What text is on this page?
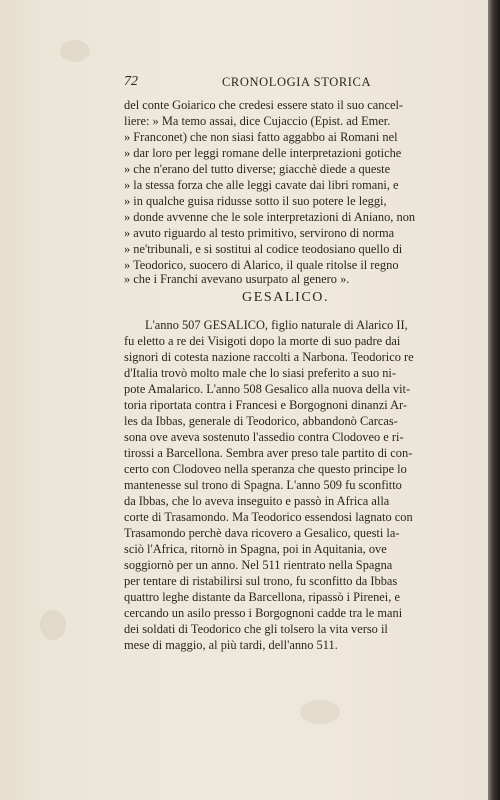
72	CRONOLOGIA STORICA
del conte Goiarico che credesi essere stato il suo cancel-
liere: » Ma temo assai, dice Cujaccio (Epist. ad Emer.
» Franconet) che non siasi fatto aggabbo ai Romani nel
» dar loro per leggi romane delle interpretazioni gotiche
» che n'erano del tutto diverse; giacchè diede a queste
» la stessa forza che alle leggi cavate dai libri romani, e
» in qualche guisa ridusse sotto il suo potere le leggi,
» donde avvenne che le sole interpretazioni di Aniano, non
» avuto riguardo al testo primitivo, servirono di norma
» ne'tribunali, e si sostitui al codice teodosiano quello di
» Teodorico, suocero di Alarico, il quale ritolse il regno
» che i Franchi avevano usurpato al genero ».
GESALICO.
L'anno 507 GESALICO, figlio naturale di Alarico II,
fu eletto a re dei Visigoti dopo la morte di suo padre dai
signori di cotesta nazione raccolti a Narbona. Teodorico re
d'Italia trovò molto male che lo siasi preferito a suo ni-
pote Amalarico. L'anno 508 Gesalico alla nuova della vit-
toria riportata contra i Francesi e Borgognoni dinanzi Ar-
les da Ibbas, generale di Teodorico, abbandonò Carcas-
sona ove aveva sostenuto l'assedio contra Clodoveo e ri-
tirossi a Barcellona. Sembra aver preso tale partito di con-
certo con Clodoveo nella speranza che questo principe lo
mantenesse sul trono di Spagna. L'anno 509 fu sconfitto
da Ibbas, che lo aveva inseguito e passò in Africa alla
corte di Trasamondo. Ma Teodorico essendosi lagnato con
Trasamondo perchè dava ricovero a Gesalico, questi la-
sciò l'Africa, ritornò in Spagna, poi in Aquitania, ove
soggiornò per un anno. Nel 511 rientrato nella Spagna
per tentare di ristabilirsi sul trono, fu sconfitto da Ibbas
quattro leghe distante da Barcellona, ripassò i Pirenei, e
cercando un asilo presso i Borgognoni cadde tra le mani
dei soldati di Teodorico che gli tolsero la vita verso il
mese di maggio, al più tardi, dell'anno 511.
